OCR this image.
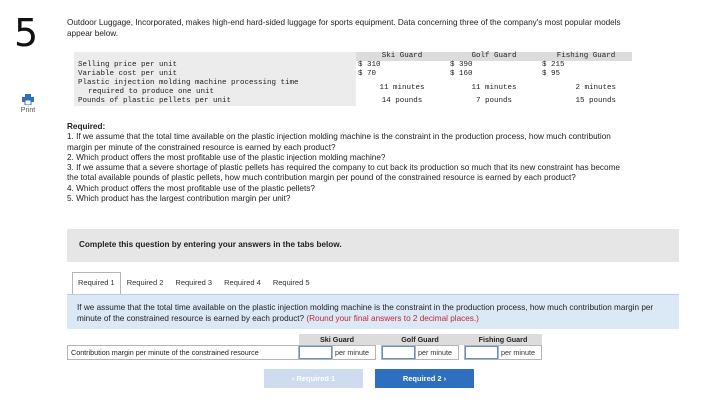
5
Print
Outdoor Luggage, Incorporated, makes high-end hard-sided luggage for sports equipment. Data concerning three of the company's most popular models appear below.
	Ski Guard	Golf Guard	Fishing Guard
Selling price per unit	$ 310	$ 390	$ 215
Variable cost per unit	$ 70	$ 160	$ 95
Plastic injection molding machine processing time	11 minutes	11 minutes	2 minutes
required to produce one unit			
Pounds of plastic pellets per unit	14 pounds	7 pounds	15 pounds
Required:
1. If we assume that the total time available on the plastic injection molding machine is the constraint in the production process, how much contribution margin per minute of the constrained resource is earned by each product?
2. Which product offers the most profitable use of the plastic injection molding machine?
3. If we assume that a severe shortage of plastic pellets has required the company to cut back its production so much that its new constraint has become the total available pounds of plastic pellets, how much contribution margin per pound of the constrained resource is earned by each product?
4. Which product offers the most profitable use of the plastic pellets?
5. Which product has the largest contribution margin per unit?
Complete this question by entering your answers in the tabs below.
Required 1	Required 2	Required 3	Required 4	Required 5
If we assume that the total time available on the plastic injection molding machine is the constraint in the production process, how much contribution margin per minute of the constrained resource is earned by each product? (Round your final answers to 2 decimal places.)
	Ski Guard			Golf Guard			Fishing Guard	
Contribution margin per minute of the constrained resource		per minute			per minute			per minute
‹ Required 1	Required 2 ›
